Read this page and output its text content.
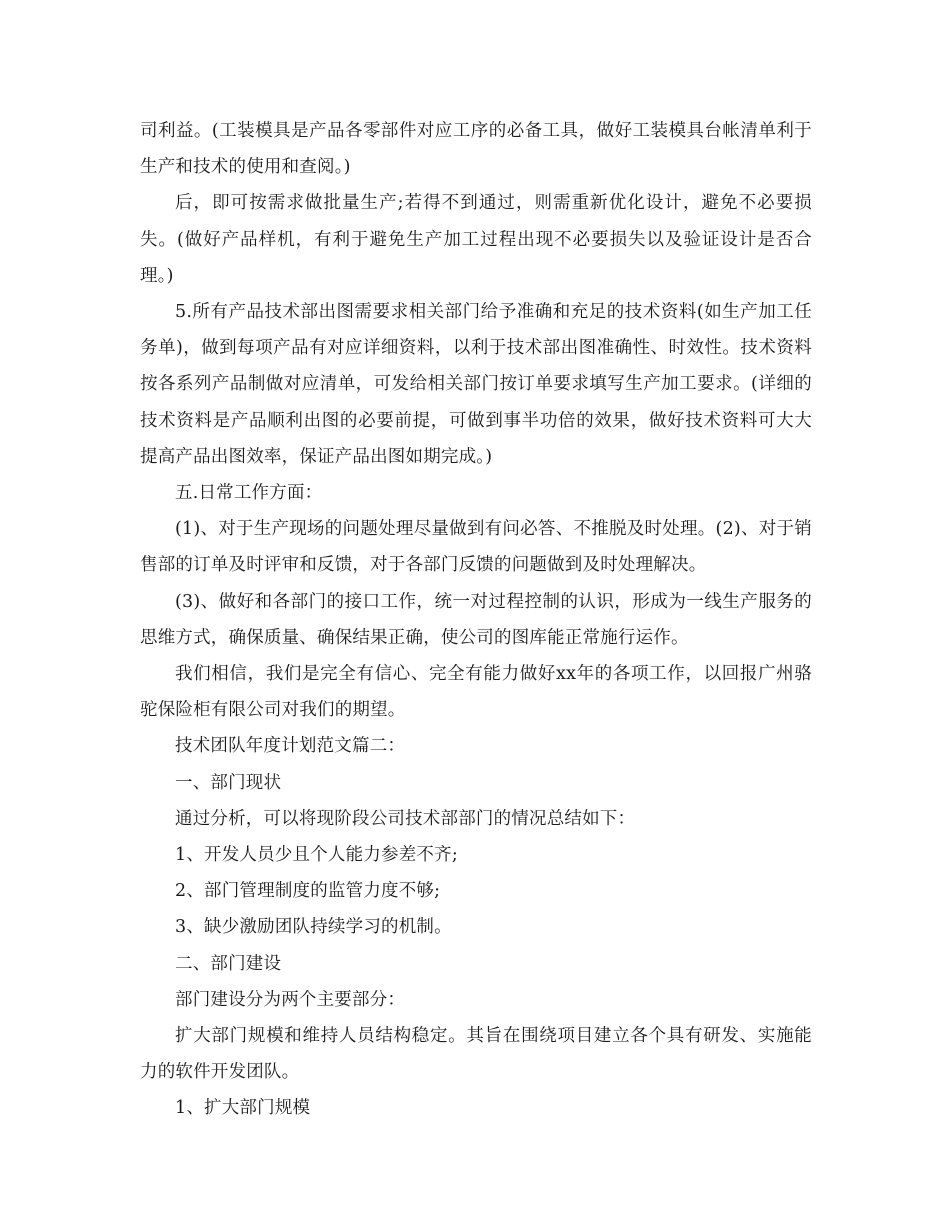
司利益。(工装模具是产品各零部件对应工序的必备工具，做好工装模具台帐清单利于生产和技术的使用和查阅。)

后，即可按需求做批量生产;若得不到通过，则需重新优化设计，避免不必要损失。(做好产品样机，有利于避免生产加工过程出现不必要损失以及验证设计是否合理。)

5.所有产品技术部出图需要求相关部门给予准确和充足的技术资料(如生产加工任务单)，做到每项产品有对应详细资料，以利于技术部出图准确性、时效性。技术资料按各系列产品制做对应清单，可发给相关部门按订单要求填写生产加工要求。(详细的技术资料是产品顺利出图的必要前提，可做到事半功倍的效果，做好技术资料可大大提高产品出图效率，保证产品出图如期完成。)

五.日常工作方面：

(1)、对于生产现场的问题处理尽量做到有问必答、不推脱及时处理。(2)、对于销售部的订单及时评审和反馈，对于各部门反馈的问题做到及时处理解决。

(3)、做好和各部门的接口工作，统一对过程控制的认识，形成为一线生产服务的思维方式，确保质量、确保结果正确，使公司的图库能正常施行运作。

我们相信，我们是完全有信心、完全有能力做好xx年的各项工作，以回报广州骆驼保险柜有限公司对我们的期望。

技术团队年度计划范文篇二：

一、部门现状

通过分析，可以将现阶段公司技术部部门的情况总结如下：

1、开发人员少且个人能力参差不齐;

2、部门管理制度的监管力度不够;

3、缺少激励团队持续学习的机制。

二、部门建设

部门建设分为两个主要部分：

扩大部门规模和维持人员结构稳定。其旨在围绕项目建立各个具有研发、实施能力的软件开发团队。

1、扩大部门规模
